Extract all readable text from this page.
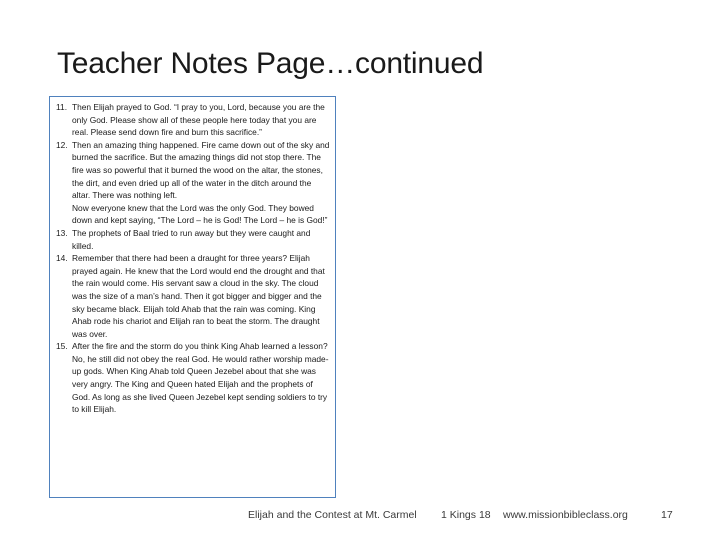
Teacher Notes Page…continued
11. Then Elijah prayed to God. “I pray to you, Lord, because you are the only God. Please show all of these people here today that you are real. Please send down fire and burn this sacrifice.”
12. Then an amazing thing happened. Fire came down out of the sky and burned the sacrifice. But the amazing things did not stop there. The fire was so powerful that it burned the wood on the altar, the stones, the dirt, and even dried up all of the water in the ditch around the altar. There was nothing left.
Now everyone knew that the Lord was the only God. They bowed down and kept saying, “The Lord – he is God! The Lord – he is God!”
13. The prophets of Baal tried to run away but they were caught and killed.
14. Remember that there had been a draught for three years? Elijah prayed again. He knew that the Lord would end the drought and that the rain would come. His servant saw a cloud in the sky. The cloud was the size of a man’s hand. Then it got bigger and bigger and the sky became black. Elijah told Ahab that the rain was coming. King Ahab rode his chariot and Elijah ran to beat the storm. The draught was over.
15. After the fire and the storm do you think King Ahab learned a lesson? No, he still did not obey the real God. He would rather worship made-up gods. When King Ahab told Queen Jezebel about that she was very angry. The King and Queen hated Elijah and the prophets of God. As long as she lived Queen Jezebel kept sending soldiers to try to kill Elijah.
Elijah and the Contest at Mt. Carmel 1 Kings 18 www.missionbibleclass.org	17
